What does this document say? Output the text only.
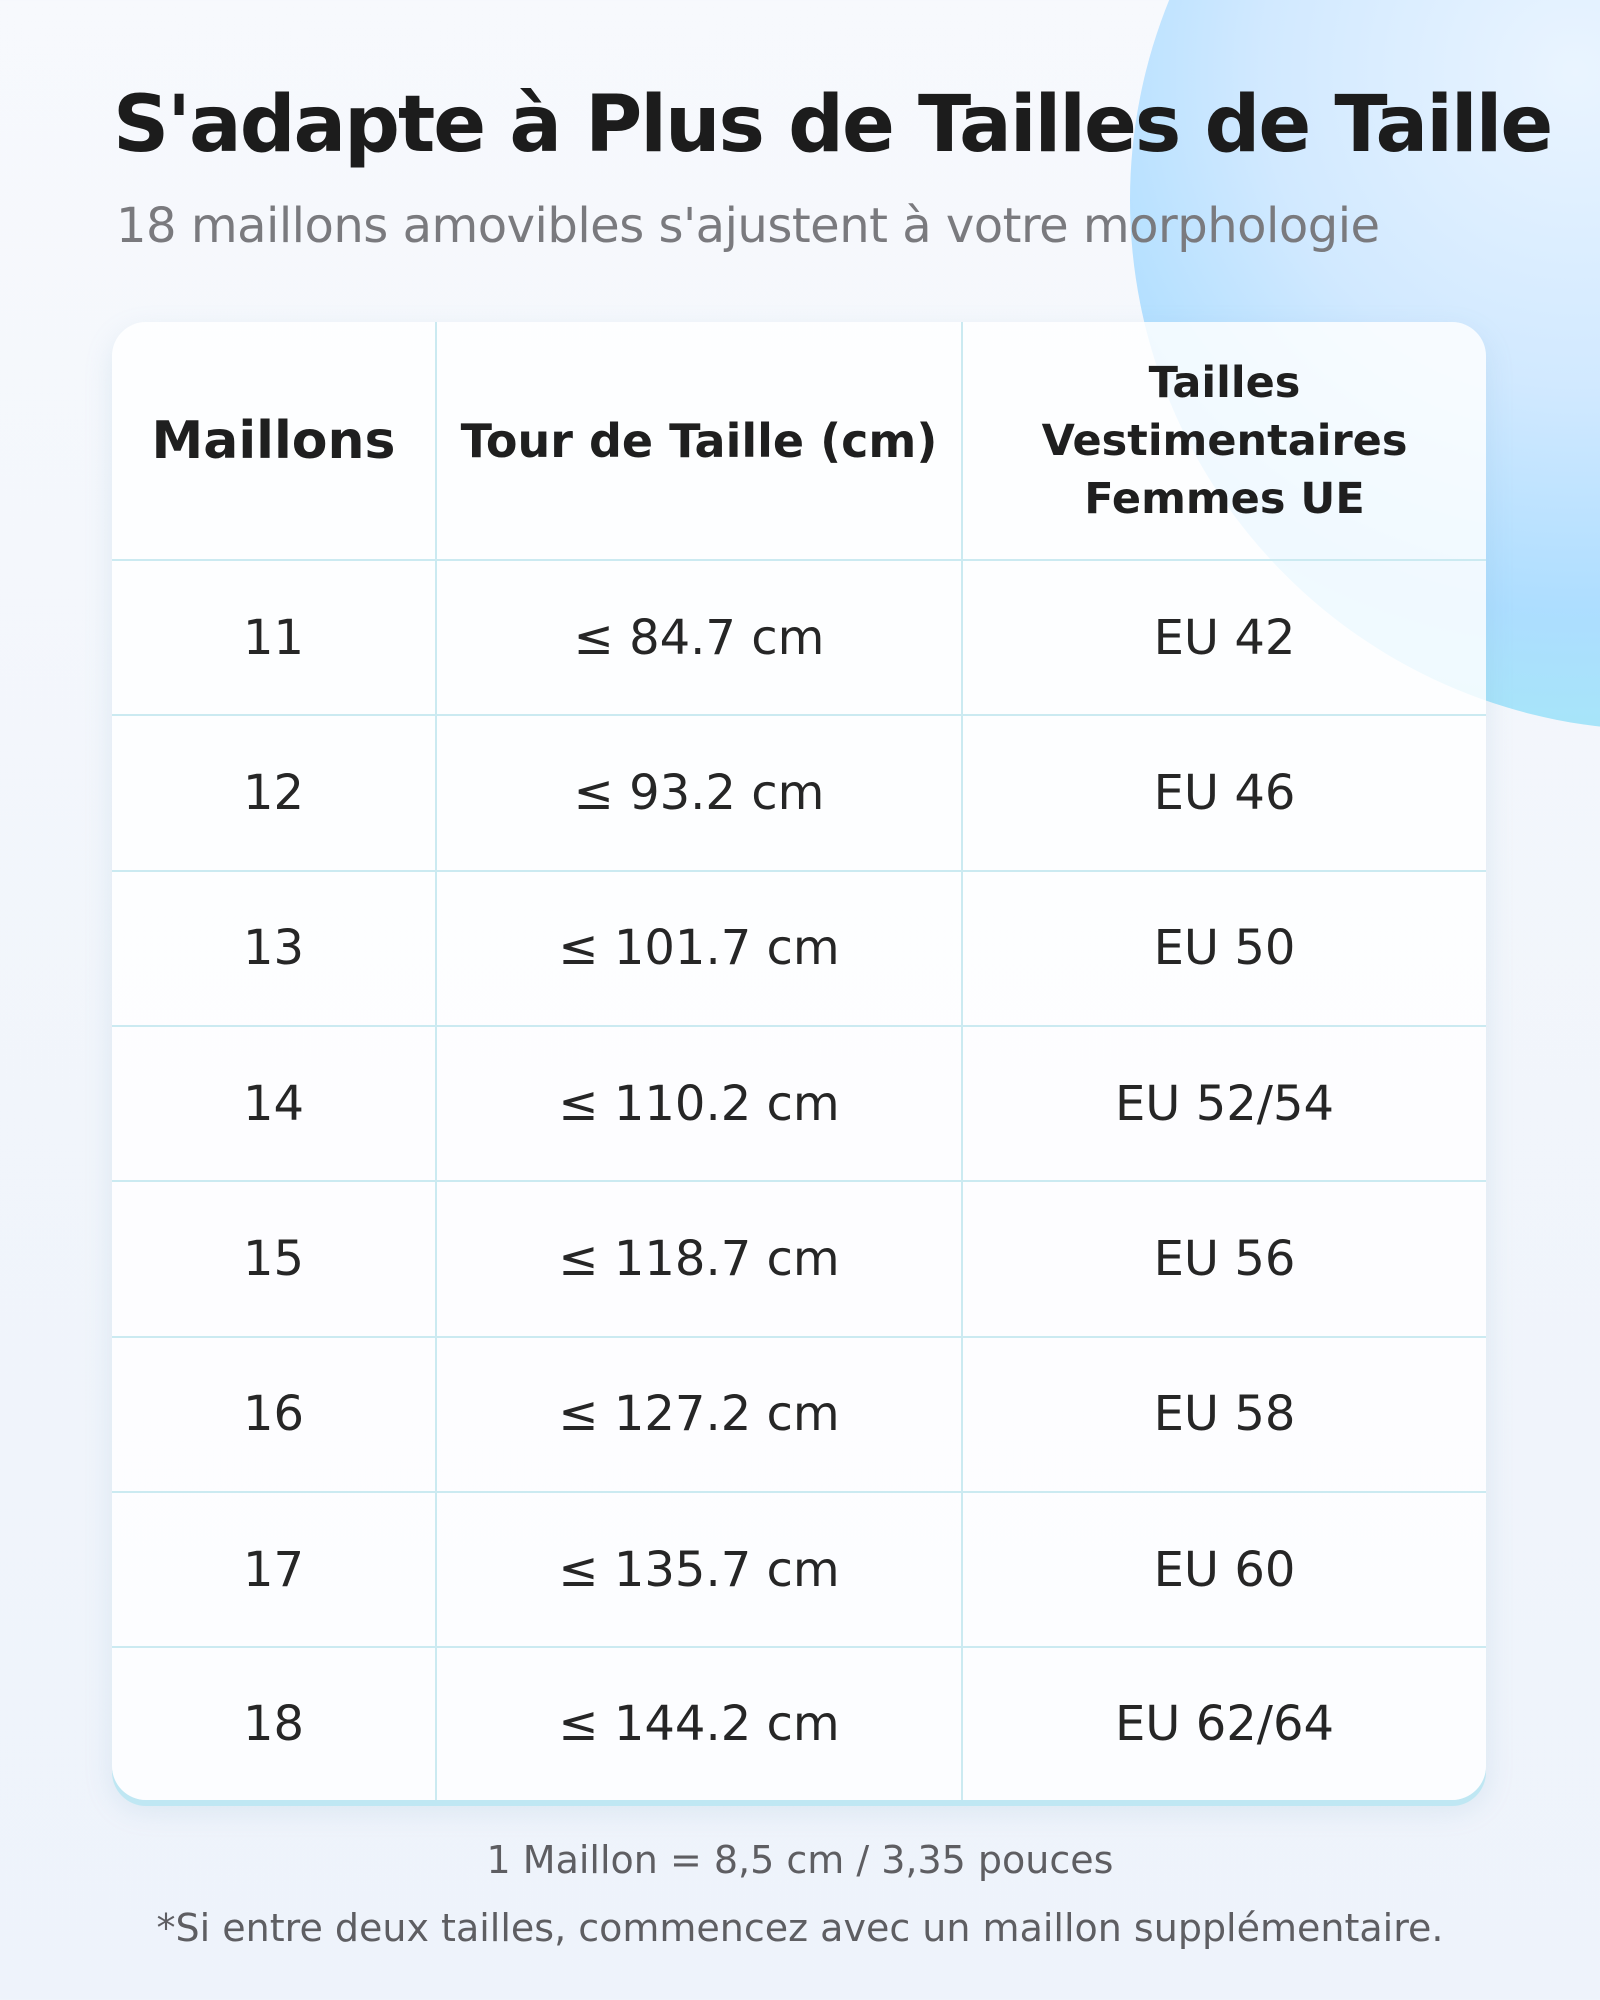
S'adapte à Plus de Tailles de Taille

18 maillons amovibles s'ajustent à votre morphologie

Maillons	Tour de Taille (cm)	Tailles Vestimentaires Femmes UE
11	≤ 84.7 cm	EU 42
12	≤ 93.2 cm	EU 46
13	≤ 101.7 cm	EU 50
14	≤ 110.2 cm	EU 52/54
15	≤ 118.7 cm	EU 56
16	≤ 127.2 cm	EU 58
17	≤ 135.7 cm	EU 60
18	≤ 144.2 cm	EU 62/64

1 Maillon = 8,5 cm / 3,35 pouces

*Si entre deux tailles, commencez avec un maillon supplémentaire.
